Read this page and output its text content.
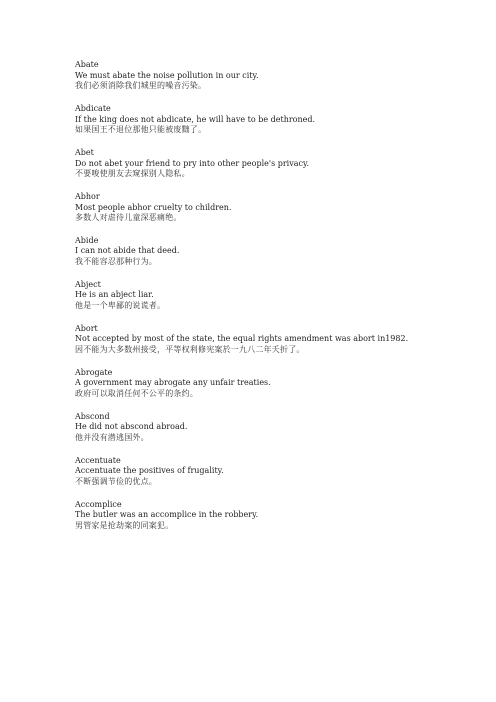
Abate
We must abate the noise pollution in our city.
我们必须消除我们城里的噪音污染。
Abdicate
If the king does not abdicate, he will have to be dethroned.
如果国王不退位那他只能被废黜了。
Abet
Do not abet your friend to pry into other people's privacy.
不要唆使朋友去窥探别人隐私。
Abhor
Most people abhor cruelty to children.
多数人对虐待儿童深恶痛绝。
Abide
I can not abide that deed.
我不能容忍那种行为。
Abject
He is an abject liar.
他是一个卑鄙的说谎者。
Abort
Not accepted by most of the state, the equal rights amendment was abort in1982.
因不能为大多数州接受，平等权利修宪案於一九八二年夭折了。
Abrogate
A government may abrogate any unfair treaties.
政府可以取消任何不公平的条约。
Abscond
He did not abscond abroad.
他并没有潜逃国外。
Accentuate
Accentuate the positives of frugality.
不断强调节俭的优点。
Accomplice
The butler was an accomplice in the robbery.
男管家是抢劫案的同案犯。
